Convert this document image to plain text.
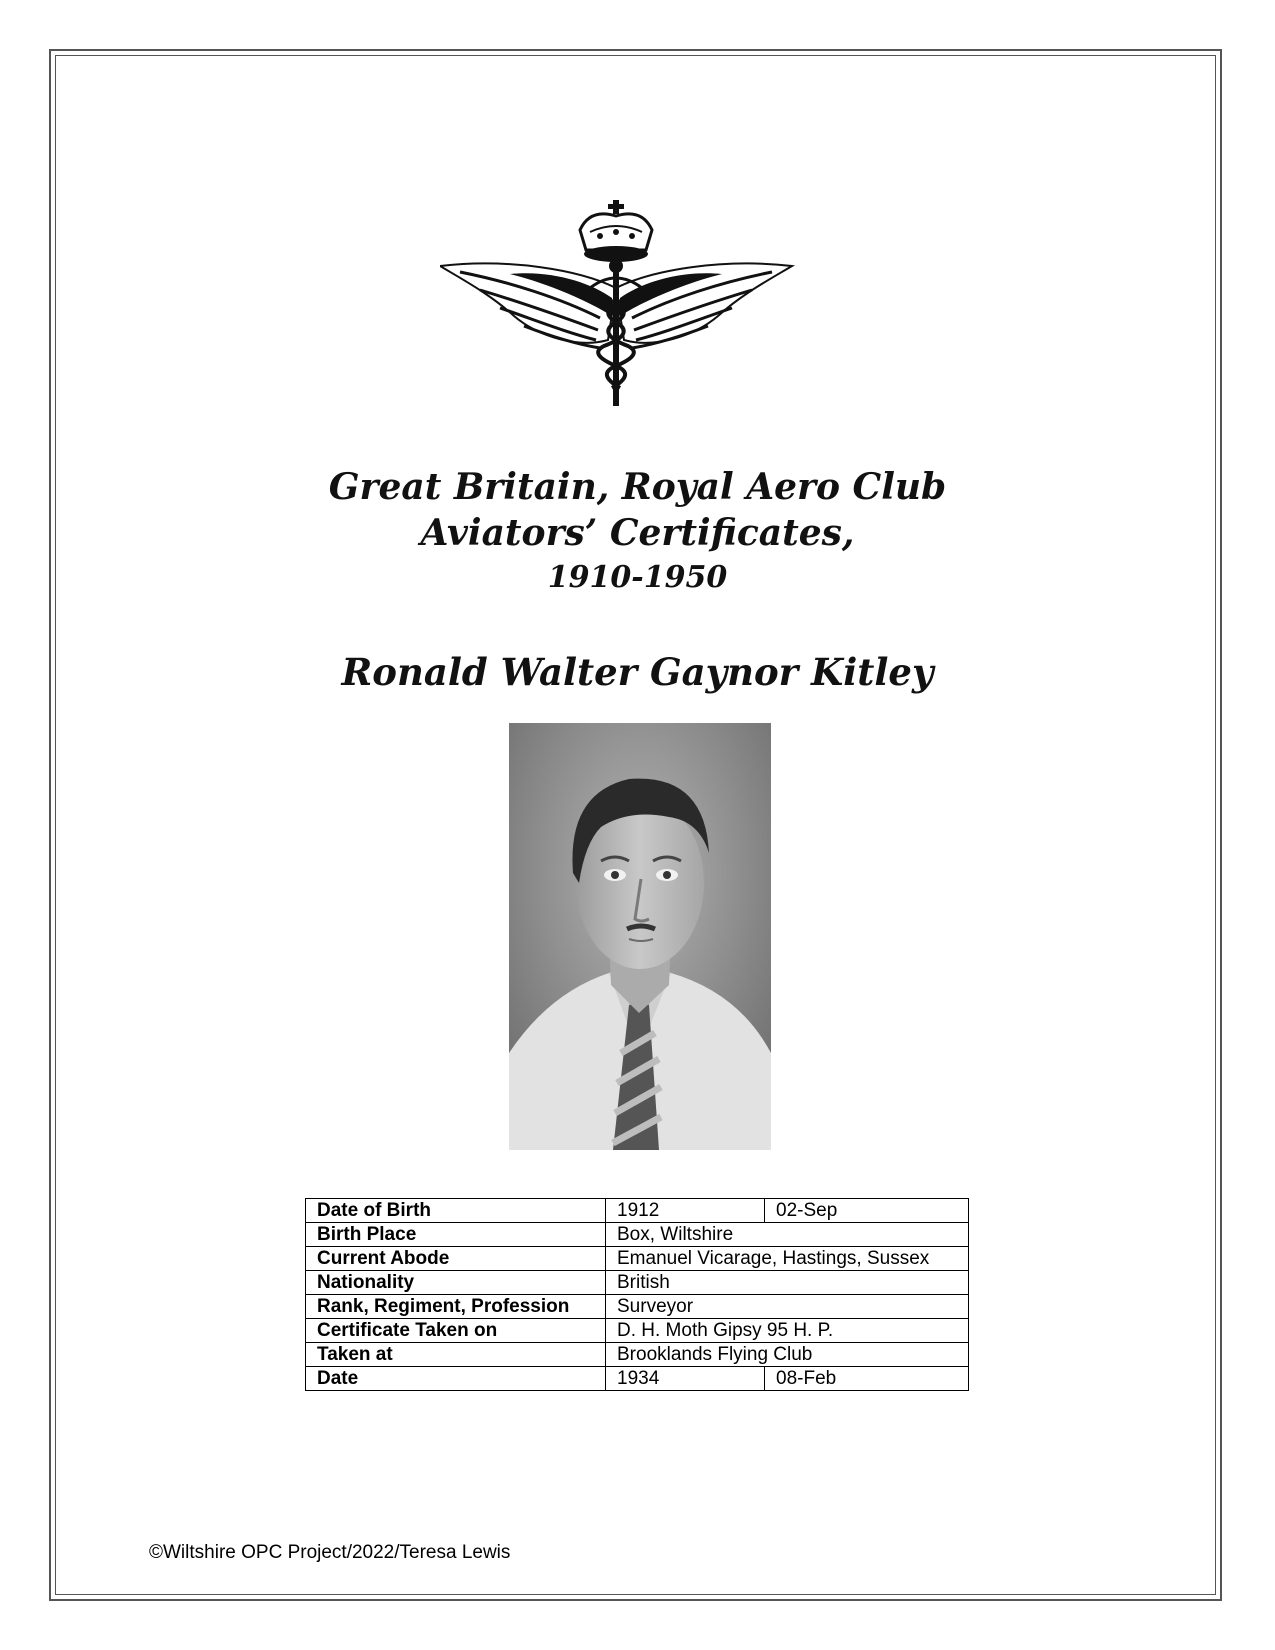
Great Britain, Royal Aero Club
Aviators’ Certificates,
1910-1950
Ronald Walter Gaynor Kitley
Date of Birth	1912	02-Sep
Birth Place	Box, Wiltshire	
Current Abode	Emanuel Vicarage, Hastings, Sussex	
Nationality	British	
Rank, Regiment, Profession	Surveyor	
Certificate Taken on	D. H. Moth Gipsy 95 H. P.	
Taken at	Brooklands Flying Club	
Date	1934	08-Feb
©Wiltshire OPC Project/2022/Teresa Lewis
